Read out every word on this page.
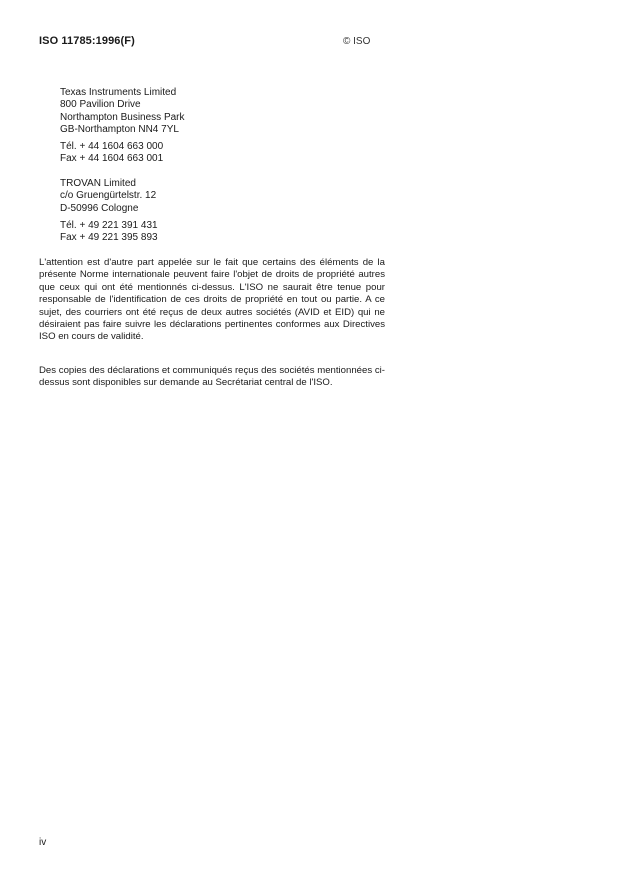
ISO 11785:1996(F)	© ISO
Texas Instruments Limited
800 Pavilion Drive
Northampton Business Park
GB-Northampton NN4 7YL
Tél. + 44 1604 663 000
Fax + 44 1604 663 001
TROVAN Limited
c/o Gruengürtelstr. 12
D-50996 Cologne
Tél. + 49 221 391 431
Fax + 49 221 395 893

L'attention est d'autre part appelée sur le fait que certains des éléments de la présente Norme internationale peuvent faire l'objet de droits de propriété autres que ceux qui ont été mentionnés ci-dessus. L'ISO ne saurait être tenue pour responsable de l'identification de ces droits de propriété en tout ou partie. A ce sujet, des courriers ont été reçus de deux autres sociétés (AVID et EID) qui ne désiraient pas faire suivre les déclarations pertinentes conformes aux Directives ISO en cours de validité.

Des copies des déclarations et communiqués reçus des sociétés mentionnées ci-dessus sont disponibles sur demande au Secrétariat central de l'ISO.

iv
